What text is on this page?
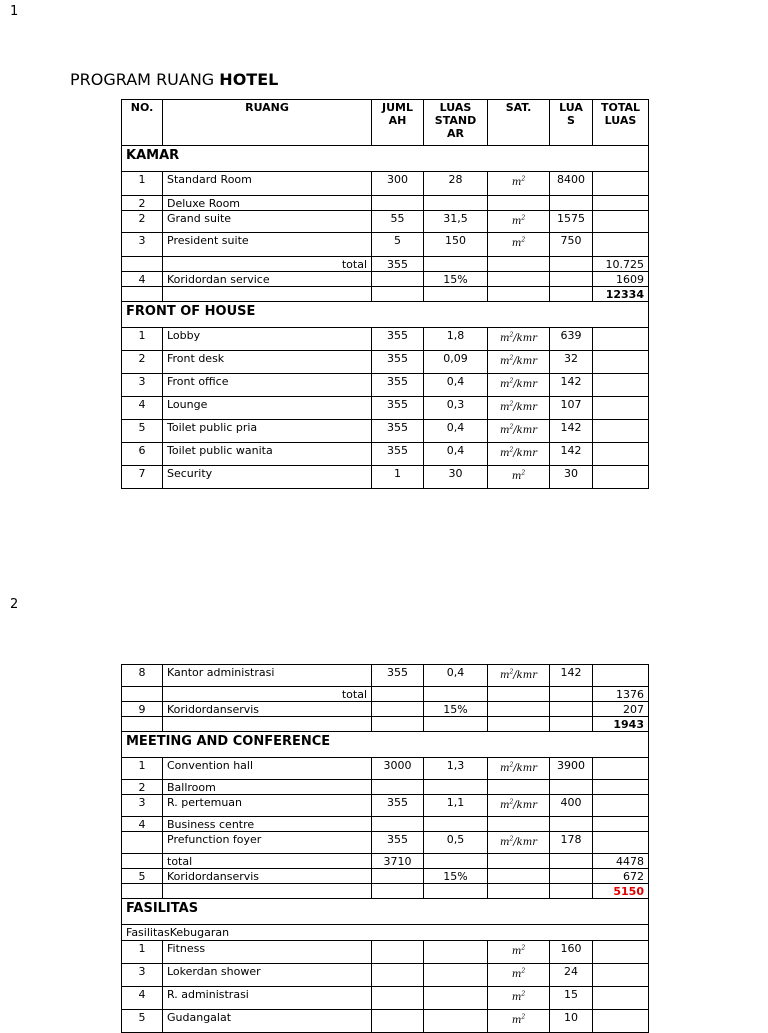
1
PROGRAM RUANG HOTEL
NO.	RUANG	JUML AH	LUAS STAND AR	SAT.	LUA S	TOTAL LUAS
KAMAR						
1	Standard Room	300	28	$m^2$	8400	
2	Deluxe Room					
2	Grand suite	55	31,5	$m^2$	1575	
3	President suite	5	150	$m^2$	750	
	total	355				10.725
4	Koridordan service		15%			1609
						12334
FRONT OF HOUSE						
1	Lobby	355	1,8	$m^2$/kmr	639	
2	Front desk	355	0,09	$m^2$/kmr	32	
3	Front office	355	0,4	$m^2$/kmr	142	
4	Lounge	355	0,3	$m^2$/kmr	107	
5	Toilet public pria	355	0,4	$m^2$/kmr	142	
6	Toilet public wanita	355	0,4	$m^2$/kmr	142	
7	Security	1	30	$m^2$	30	
2
8	Kantor administrasi	355	0,4	$m^2$/kmr	142	
	total					1376
9	Koridordanservis		15%			207
						1943
MEETING AND CONFERENCE						
1	Convention hall	3000	1,3	$m^2$/kmr	3900	
2	Ballroom					
3	R. pertemuan	355	1,1	$m^2$/kmr	400	
4	Business centre					
	Prefunction foyer	355	0,5	$m^2$/kmr	178	
	total	3710				4478
5	Koridordanservis		15%			672
						5150
FASILITAS						
FasilitasKebugaran						
1	Fitness			$m^2$	160	
3	Lokerdan shower			$m^2$	24	
4	R. administrasi			$m^2$	15	
5	Gudangalat			$m^2$	10	
